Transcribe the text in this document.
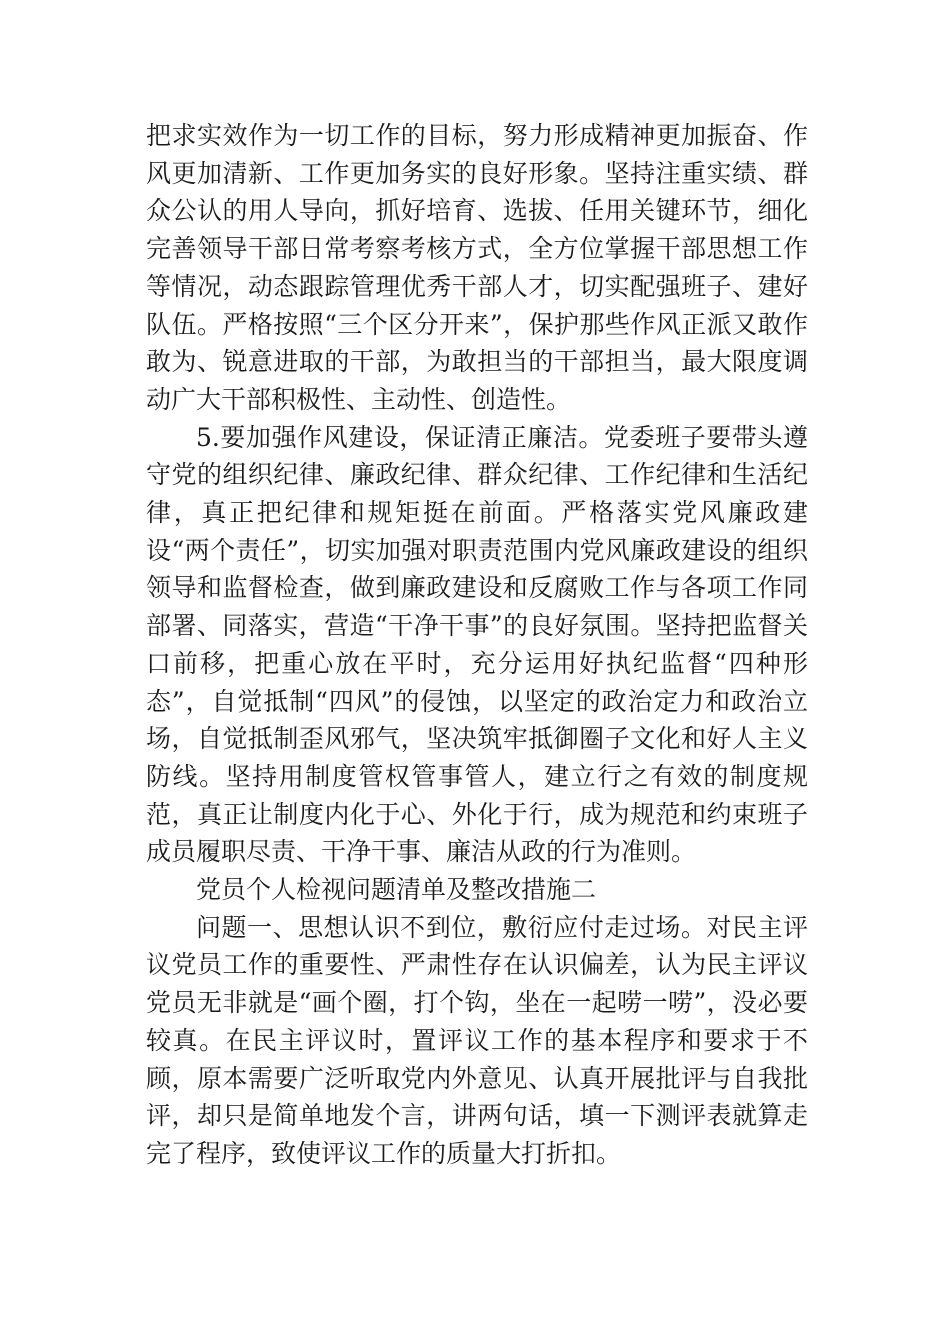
把求实效作为一切工作的目标，努力形成精神更加振奋、作风更加清新、工作更加务实的良好形象。坚持注重实绩、群众公认的用人导向，抓好培育、选拔、任用关键环节，细化完善领导干部日常考察考核方式，全方位掌握干部思想工作等情况，动态跟踪管理优秀干部人才，切实配强班子、建好队伍。严格按照“三个区分开来”，保护那些作风正派又敢作敢为、锐意进取的干部，为敢担当的干部担当，最大限度调动广大干部积极性、主动性、创造性。

5.要加强作风建设，保证清正廉洁。党委班子要带头遵守党的组织纪律、廉政纪律、群众纪律、工作纪律和生活纪律，真正把纪律和规矩挺在前面。严格落实党风廉政建设“两个责任”，切实加强对职责范围内党风廉政建设的组织领导和监督检查，做到廉政建设和反腐败工作与各项工作同部署、同落实，营造“干净干事”的良好氛围。坚持把监督关口前移，把重心放在平时，充分运用好执纪监督“四种形态”，自觉抵制“四风”的侵蚀，以坚定的政治定力和政治立场，自觉抵制歪风邪气，坚决筑牢抵御圈子文化和好人主义防线。坚持用制度管权管事管人，建立行之有效的制度规范，真正让制度内化于心、外化于行，成为规范和约束班子成员履职尽责、干净干事、廉洁从政的行为准则。

党员个人检视问题清单及整改措施二

问题一、思想认识不到位，敷衍应付走过场。对民主评议党员工作的重要性、严肃性存在认识偏差，认为民主评议党员无非就是“画个圈，打个钩，坐在一起唠一唠”，没必要较真。在民主评议时，置评议工作的基本程序和要求于不顾，原本需要广泛听取党内外意见、认真开展批评与自我批评，却只是简单地发个言，讲两句话，填一下测评表就算走完了程序，致使评议工作的质量大打折扣。
